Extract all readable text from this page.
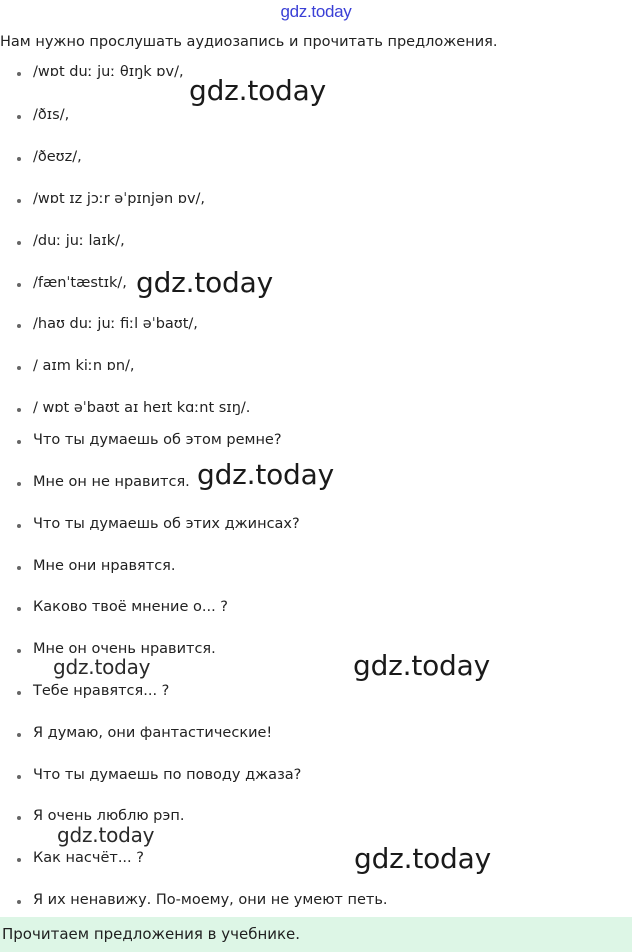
gdz.today
Нам нужно прослушать аудиозапись и прочитать предложения.
/wɒt duː juː θɪŋk ɒv/,
/ðɪs/,
/ðeʊz/,
/wɒt ɪz jɔːr əˈpɪnjən ɒv/,
/duː juː laɪk/,
/fænˈtæstɪk/,
/haʊ duː juː fiːl əˈbaʊt/,
/ aɪm kiːn ɒn/,
/ wɒt əˈbaʊt aɪ heɪt kɑːnt sɪŋ/.
Что ты думаешь об этом ремне?
Мне он не нравится.
Что ты думаешь об этих джинсах?
Мне они нравятся.
Каково твоё мнение о... ?
Мне он очень нравится.
Тебе нравятся... ?
Я думаю, они фантастические!
Что ты думаешь по поводу джаза?
Я очень люблю рэп.
Как насчёт... ?
Я их ненавижу. По-моему, они не умеют петь.
gdz.today
gdz.today
gdz.today
gdz.today	gdz.today
gdz.today
gdz.today
Прочитаем предложения в учебнике.
